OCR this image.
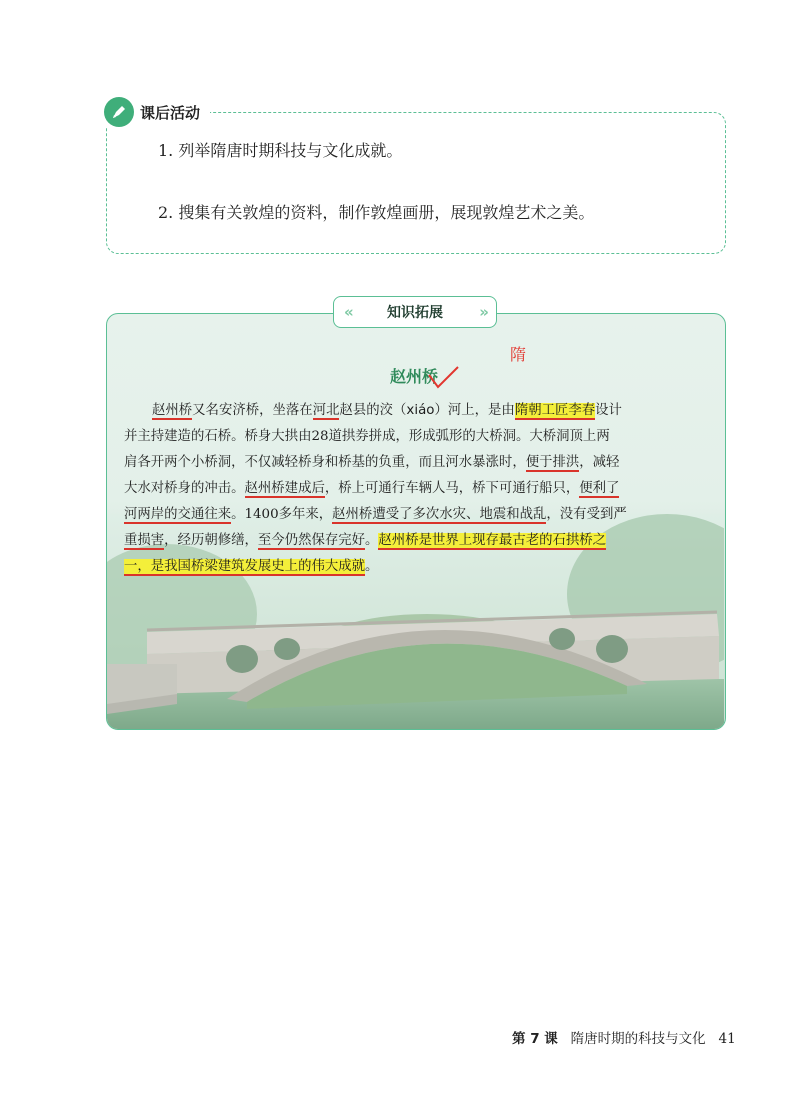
课后活动
1. 列举隋唐时期科技与文化成就。
2. 搜集有关敦煌的资料，制作敦煌画册，展现敦煌艺术之美。
«	知识拓展 »
赵州桥
隋
赵州桥又名安济桥，坐落在河北赵县的洨（xiáo）河上，是由隋朝工匠李春设计
并主持建造的石桥。桥身大拱由28道拱券拼成，形成弧形的大桥洞。大桥洞顶上两
肩各开两个小桥洞，不仅减轻桥身和桥基的负重，而且河水暴涨时，便于排洪，减轻
大水对桥身的冲击。赵州桥建成后，桥上可通行车辆人马，桥下可通行船只，便利了
河两岸的交通往来。1400多年来，赵州桥遭受了多次水灾、地震和战乱，没有受到严
重损害，经历朝修缮，至今仍然保存完好。赵州桥是世界上现存最古老的石拱桥之
一，是我国桥梁建筑发展史上的伟大成就。
第 7 课 隋唐时期的科技与文化 41
